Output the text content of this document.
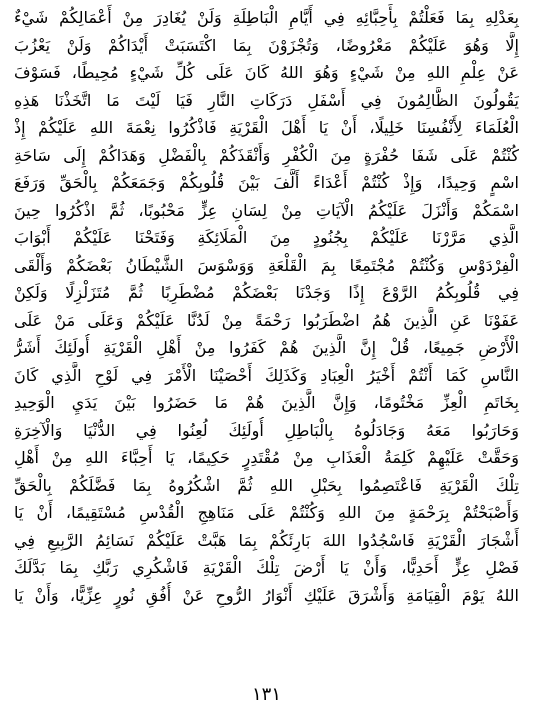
بِعَدْلِهِ بِمَا فَعَلْتُمْ بِأَحِبَّائِهِ فِي أَيَّامِ الْبَاطِلَةِ وَلَنْ يُغَادِرَ مِنْ أَعْمَالِكُمْ شَيْءٌ
إِلَّا وَهُوَ عَلَيْكُمْ مَعْرُوضًا، وَتُجْزَوْنَ بِمَا اكْتَسَبَتْ أَيْدَاكُمْ وَلَنْ يَعْزُبَ
عَنْ عِلْمِ اللهِ مِنْ شَيْءٍ وَهُوَ اللهُ كَانَ عَلَى كُلِّ شَيْءٍ مُحِيطًا، فَسَوْفَ
يَقُولُونَ الظَّالِمُونَ فِي أَسْفَلِ دَرَكَاتِ النَّارِ فَيَا لَيْتَ مَا اتَّخَذْنَا هَذِهِ
الْعُلَمَاءَ لِأَنْفُسِنَا خَلِيلًا، أَنْ يَا أَهْلَ الْقَرْيَةِ فَاذْكُرُوا نِعْمَةَ اللهِ عَلَيْكُمْ إِذْ
كُنْتُمْ عَلَى شَفَا حُفْرَةٍ مِنَ الْكُفْرِ وَأَنْقَذَكُمْ بِالْفَضْلِ وَهَدَاكُمْ إِلَى سَاحَةِ
اسْمٍ وَحِيدًا، وَإِذْ كُنْتُمْ أَعْدَاءً أَلَّفَ بَيْنَ قُلُوبِكُمْ وَجَمَعَكُمْ بِالْحَقِّ وَرَفَعَ
اسْمَكُمْ وَأَنْزَلَ عَلَيْكُمُ الْآيَاتِ مِنْ لِسَانِ عِزٍّ مَحْبُوبًا، ثُمَّ اذْكُرُوا حِينَ
الَّذِي مَرَّرْنَا عَلَيْكُمْ بِجُنُودٍ مِنَ الْمَلَائِكَةِ وَفَتَحْنَا عَلَيْكُمْ أَبْوَابَ
الْفِرْدَوْسِ وَكُنْتُمْ مُجْتَمِعًا بِمَ الْقَلْعَةِ وَوَسْوَسَ الشَّيْطَانُ بَعْضَكُمْ وَأَلْقَى
فِي قُلُوبِكُمُ الرَّوْعَ إِذًا وَجَدْنَا بَعْضَكُمْ مُضْطَرِبًا ثُمَّ مُتَزَلْزِلًا وَلَكِنْ
عَفَوْنَا عَنِ الَّذِينَ هُمُ اضْطَرَبُوا رَحْمَةً مِنْ لَدُنَّا عَلَيْكُمْ وَعَلَى مَنْ عَلَى
الْأَرْضِ جَمِيعًا، قُلْ إِنَّ الَّذِينَ هُمْ كَفَرُوا مِنْ أَهْلِ الْقَرْيَةِ أُولَئِكَ أَشَرُّ
النَّاسِ كَمَا أَنْتُمْ أَخْيَرُ الْعِبَادِ وَكَذَلِكَ أَحْصَيْنَا الْأَمْرَ فِي لَوْحِ الَّذِي كَانَ
بِخَاتَمِ الْعِزِّ مَخْتُومًا، وَإِنَّ الَّذِينَ هُمْ مَا حَضَرُوا بَيْنَ يَدَيِ الْوَحِيدِ
وَحَارَبُوا مَعَهُ وَجَادَلُوهُ بِالْبَاطِلِ أُولَئِكَ لُعِنُوا فِي الدُّنْيَا وَالْآخِرَةِ
وَحَقَّتْ عَلَيْهِمْ كَلِمَةُ الْعَذَابِ مِنْ مُقْتَدِرٍ حَكِيمًا، يَا أَحِبَّاءَ اللهِ مِنْ أَهْلِ
تِلْكَ الْقَرْيَةِ فَاعْتَصِمُوا بِحَبْلِ اللهِ ثُمَّ اشْكُرُوهُ بِمَا فَضَّلَكُمْ بِالْحَقِّ
وَأَصْبَحْتُمْ بِرَحْمَةٍ مِنَ اللهِ وَكُنْتُمْ عَلَى مَنَاهِجِ الْقُدْسِ مُسْتَقِيمًا، أَنْ يَا
أَشْجَارَ الْقَرْيَةِ فَاسْجُدُوا اللهَ بَارِئَكُمْ بِمَا هَبَّتْ عَلَيْكُمْ نَسَائِمُ الرَّبِيعِ فِي
فَصْلِ عِزٍّ أَحَدِيًّا، وَأَنْ يَا أَرْضَ تِلْكَ الْقَرْيَةِ فَاشْكُرِي رَبَّكِ بِمَا بَدَّلَكَ
اللهُ يَوْمَ الْقِيَامَةِ وَأَشْرَقَ عَلَيْكِ أَنْوَارُ الرُّوحِ عَنْ أُفُقِ نُورٍ عِزِّيًّا، وَأَنْ يَا
١٣١
